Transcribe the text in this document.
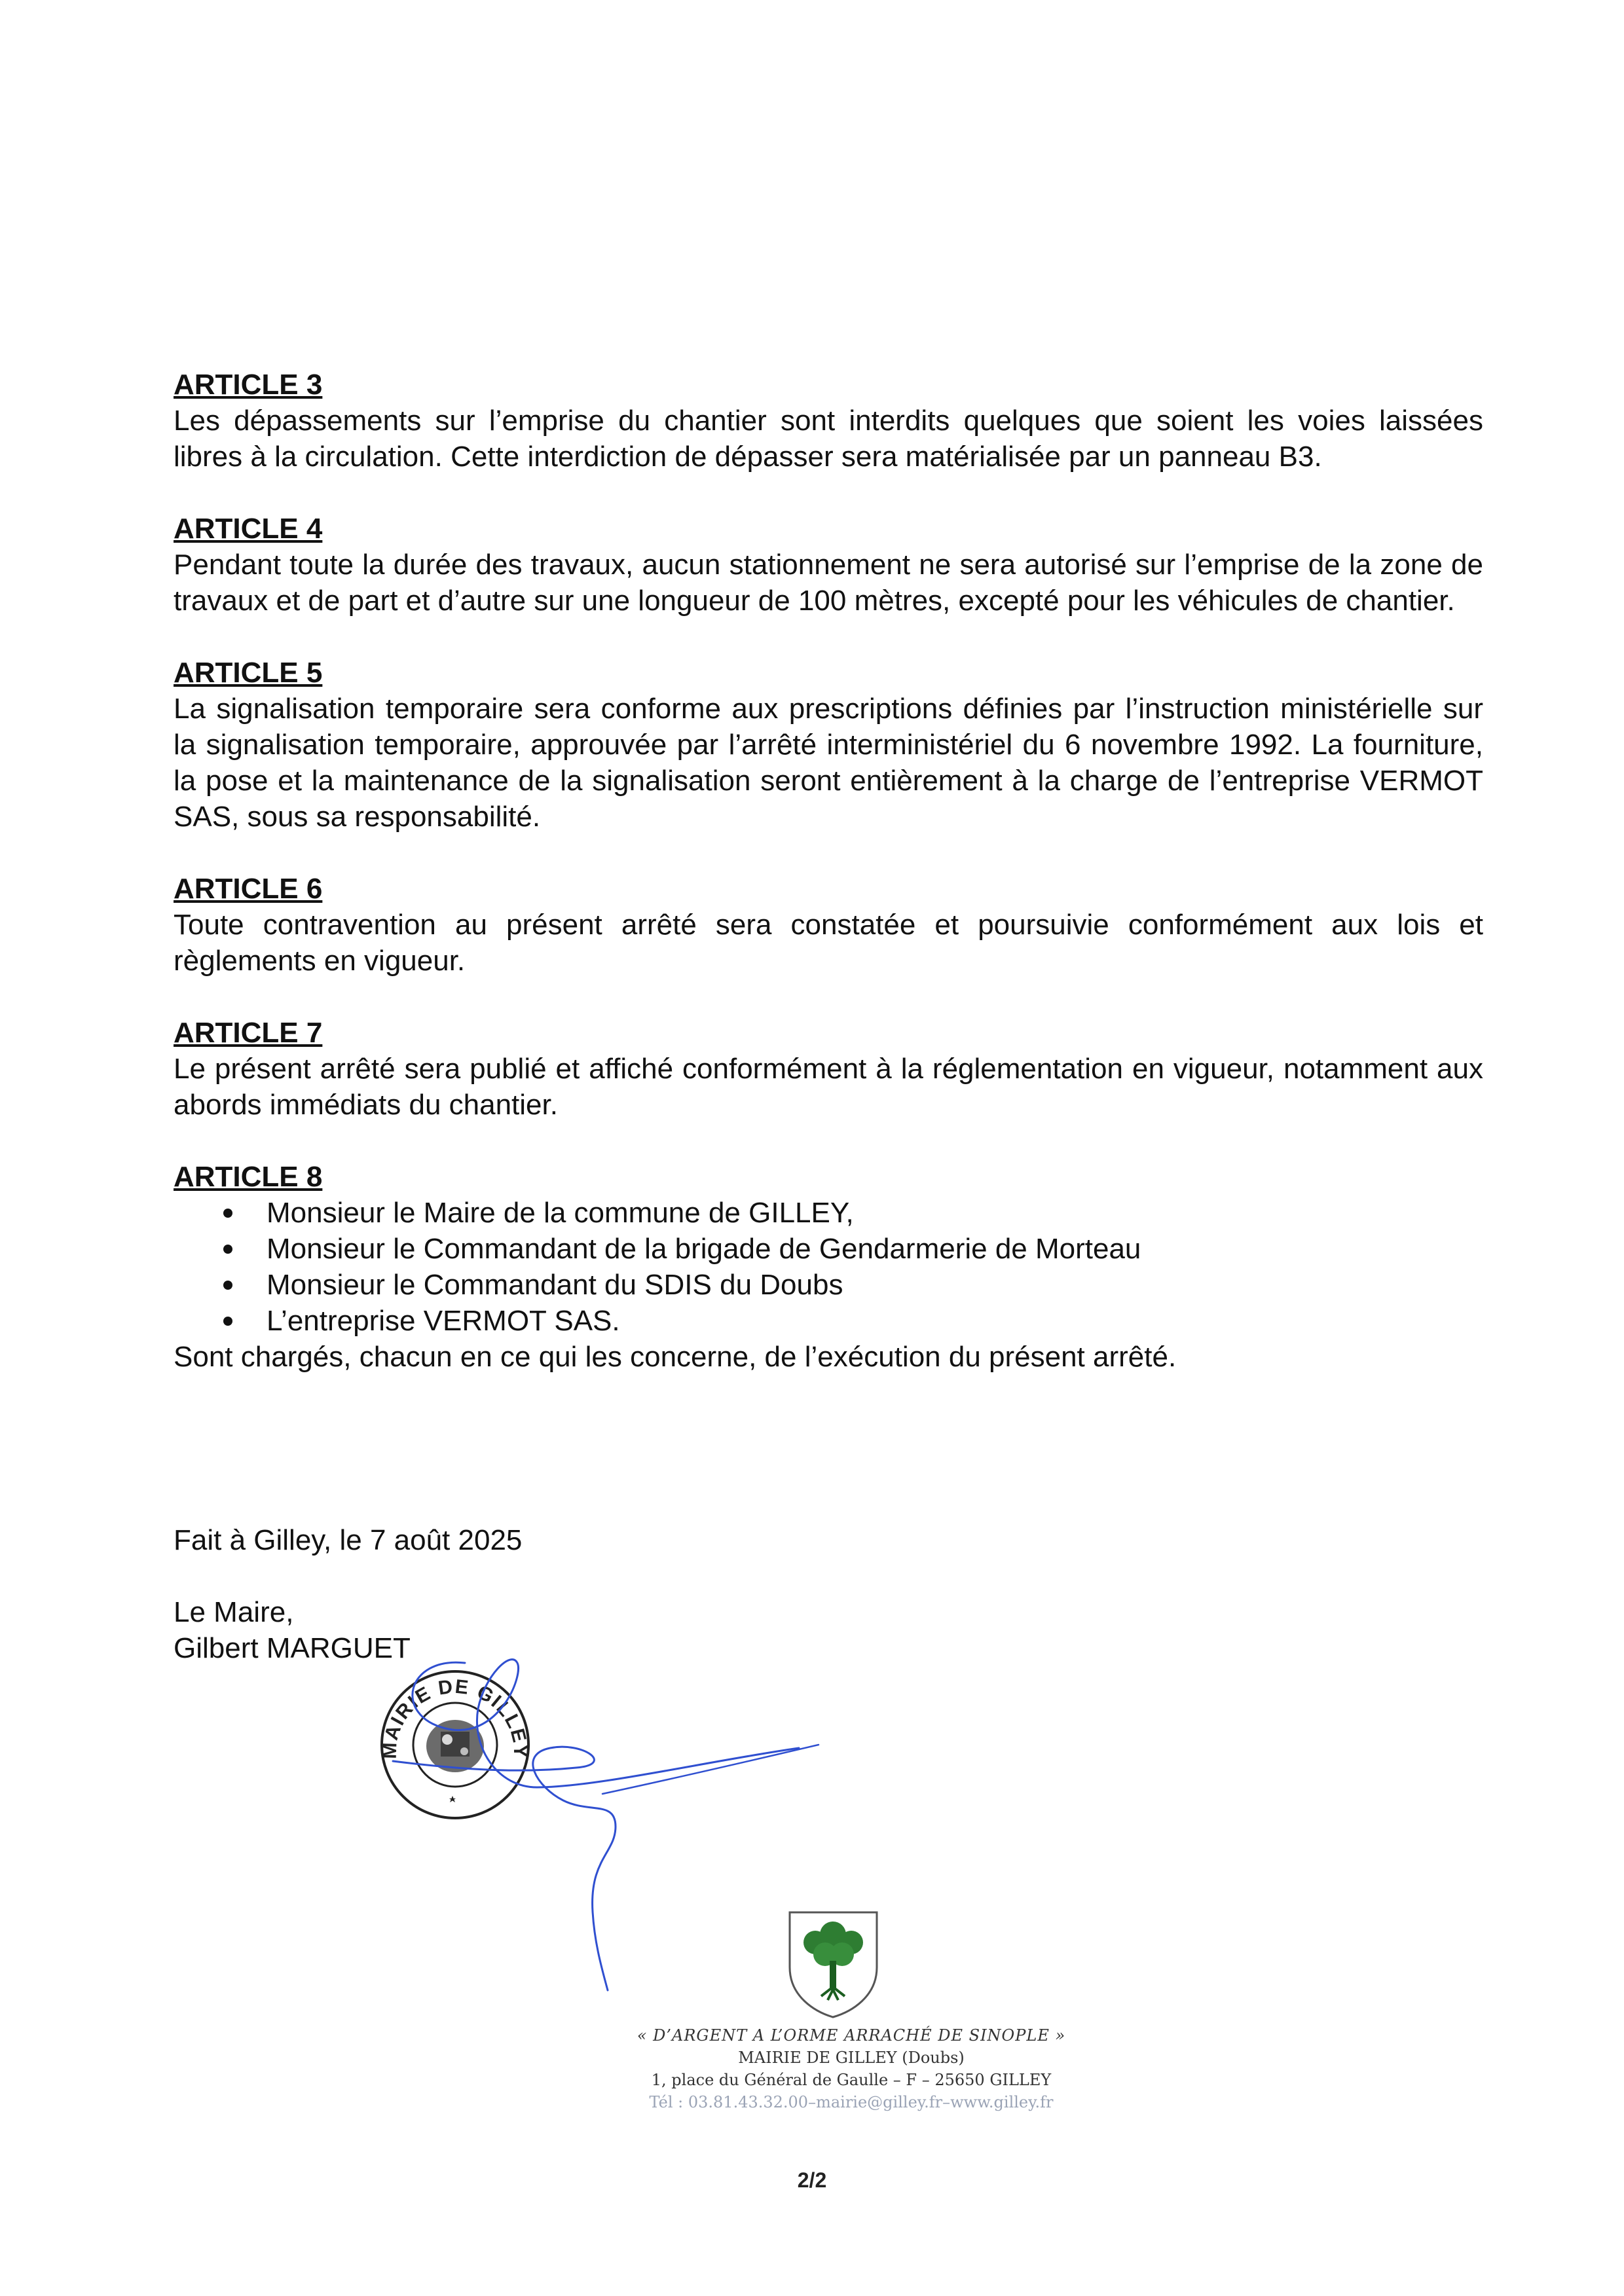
ARTICLE 3
Les dépassements sur l’emprise du chantier sont interdits quelques que soient les voies laissées libres à la circulation. Cette interdiction de dépasser sera matérialisée par un panneau B3.
ARTICLE 4
Pendant toute la durée des travaux, aucun stationnement ne sera autorisé sur l’emprise de la zone de travaux et de part et d’autre sur une longueur de 100 mètres, excepté pour les véhicules de chantier.
ARTICLE 5
La signalisation temporaire sera conforme aux prescriptions définies par l’instruction ministérielle sur la signalisation temporaire, approuvée par l’arrêté interministériel du 6 novembre 1992. La fourniture, la pose et la maintenance de la signalisation seront entièrement à la charge de l’entreprise VERMOT SAS, sous sa responsabilité.
ARTICLE 6
Toute contravention au présent arrêté sera constatée et poursuivie conformément aux lois et règlements en vigueur.
ARTICLE 7
Le présent arrêté sera publié et affiché conformément à la réglementation en vigueur, notamment aux abords immédiats du chantier.
ARTICLE 8
Monsieur le Maire de la commune de GILLEY,
Monsieur le Commandant de la brigade de Gendarmerie de Morteau
Monsieur le Commandant du SDIS du Doubs
L’entreprise VERMOT SAS.
Sont chargés, chacun en ce qui les concerne, de l’exécution du présent arrêté.
Fait à Gilley, le 7 août 2025
Le Maire,
Gilbert MARGUET
MAIRIE DE GILLEY
« D’ARGENT A L’ORME ARRACHÉ DE SINOPLE »
MAIRIE DE GILLEY (Doubs)
1, place du Général de Gaulle – F – 25650 GILLEY
Tél : 03.81.43.32.00–mairie@gilley.fr–www.gilley.fr
2/2
